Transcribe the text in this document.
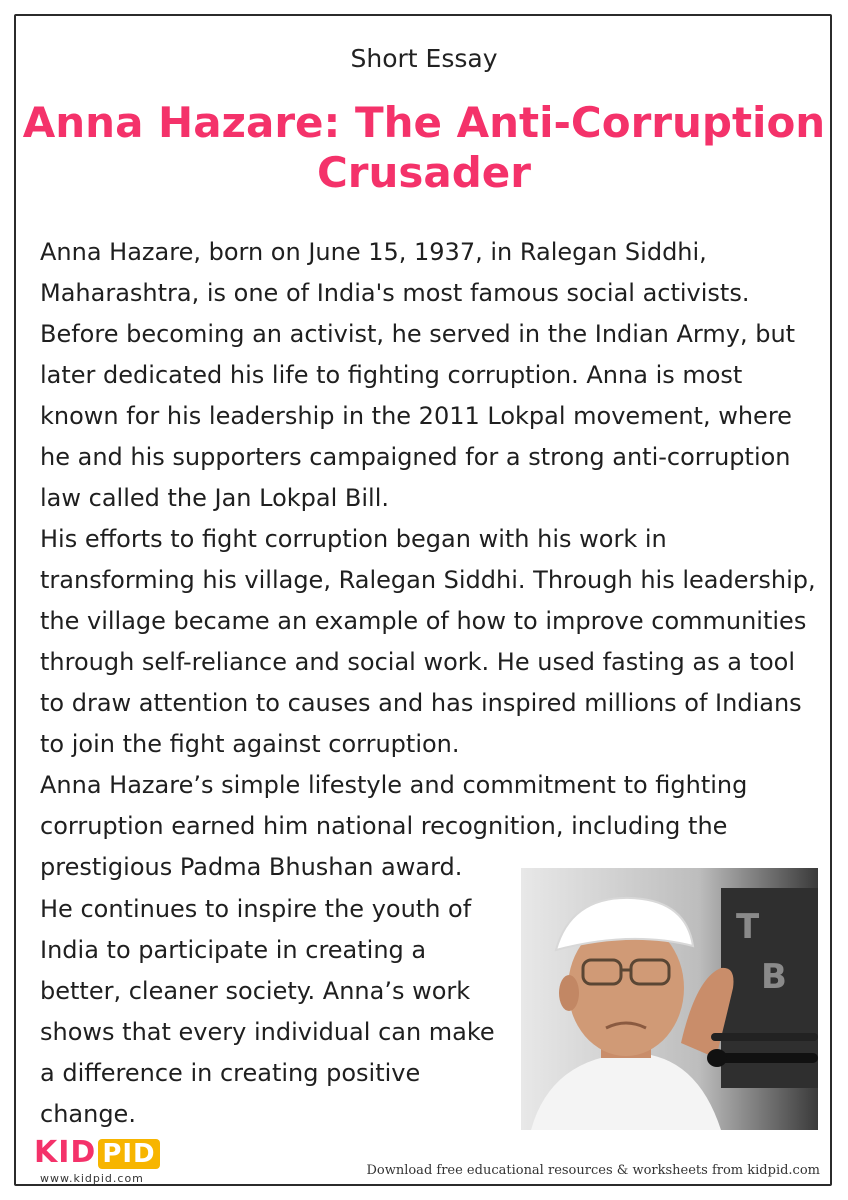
Short Essay
Anna Hazare: The Anti-Corruption Crusader

Anna Hazare, born on June 15, 1937, in Ralegan Siddhi, Maharashtra, is one of India's most famous social activists. Before becoming an activist, he served in the Indian Army, but later dedicated his life to fighting corruption. Anna is most known for his leadership in the 2011 Lokpal movement, where he and his supporters campaigned for a strong anti-corruption law called the Jan Lokpal Bill.

His efforts to fight corruption began with his work in transforming his village, Ralegan Siddhi. Through his leadership, the village became an example of how to improve communities through self-reliance and social work. He used fasting as a tool to draw attention to causes and has inspired millions of Indians to join the fight against corruption.

Anna Hazare’s simple lifestyle and commitment to fighting corruption earned him national recognition, including the prestigious Padma Bhushan award.

He continues to inspire the youth of India to participate in creating a better, cleaner society. Anna’s work shows that every individual can make a difference in creating positive change.
T
B
KID PID
www.kidpid.com
Download free educational resources & worksheets from kidpid.com
